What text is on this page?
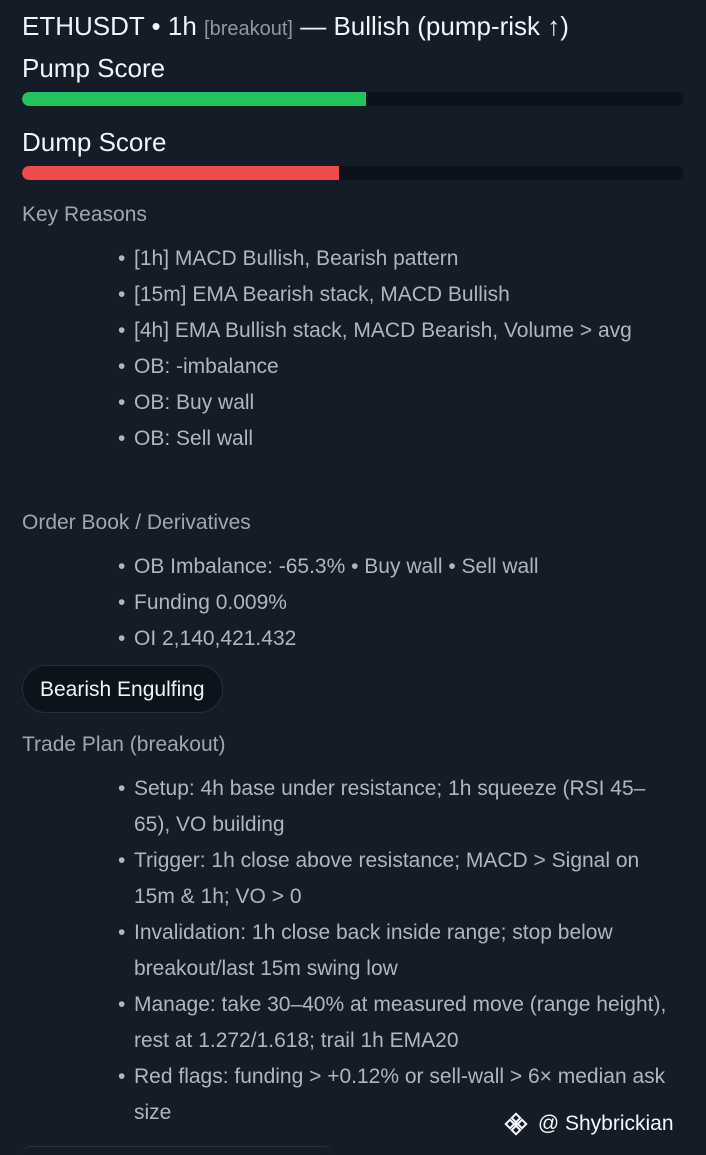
ETHUSDT • 1h [breakout] — Bullish (pump-risk ↑)
Pump Score
Dump Score
Key Reasons
• [1h] MACD Bullish, Bearish pattern
• [15m] EMA Bearish stack, MACD Bullish
• [4h] EMA Bullish stack, MACD Bearish, Volume > avg
• OB: -imbalance
• OB: Buy wall
• OB: Sell wall
Order Book / Derivatives
• OB Imbalance: -65.3% • Buy wall • Sell wall
• Funding 0.009%
• OI 2,140,421.432
Bearish Engulfing
Trade Plan (breakout)
• Setup: 4h base under resistance; 1h squeeze (RSI 45–65), VO building
• Trigger: 1h close above resistance; MACD > Signal on 15m & 1h; VO > 0
• Invalidation: 1h close back inside range; stop below breakout/last 15m swing low
• Manage: take 30–40% at measured move (range height), rest at 1.272/1.618; trail 1h EMA20
• Red flags: funding > +0.12% or sell-wall > 6× median ask size	@ Shybrickian
